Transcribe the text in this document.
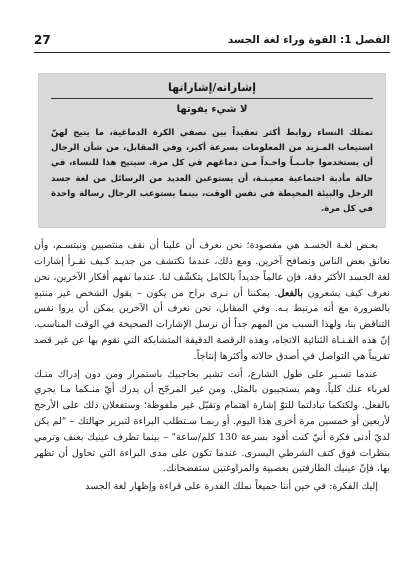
الفصل 1: القوة وراء لغة الجسد
27
إشاراته/إشاراتها
لا شيء يفوتها
تمتلك النساء روابط أكثر تعقيداً بين نصفي الكرة الدماغية، ما يتيح لهنّ استيعاب المـزيد من المعلومات بسرعة أكبر، وفي المقابل، من شأن الرجال أن يستخدموا جانـبـاً واحـداً مـن دماغهم في كل مرة. سيتيح هذا للنساء، في حالة مأدبة اجتماعية معيـنـة، أن يستوعبن العديد من الرسائل من لغة جسد الرجل والبيئة المحيطة في نفس الوقت، بينما يستوعب الرجال رسالة واحدة في كل مرة.

بعـض لغـة الجسـد هي مقصودة؛ نحن نعرف أن علينا أن نقف منتصبين ونبتسـم، وأن نعانق بعض الناس ونصافح آخرين. ومع ذلك، عندما نكتشف من جديـد كـيف نقـرأ إشارات لغة الجسد الأكثر دقة، فإن عالماً جديداً بالكامل يتكشّف لنا. عندما نفهم أفكار الآخرين، نحن نعرف كيف يشعرون بالفعل. يمكننا أن نـرى براح من يكون – يقول الشخص غير منتبهٍ بالضرورة مع أنه مرتبط بـه. وفي المقابل، نحن نعرف أن الآخرين يمكن أن يروا نفس التناقض بنا، ولهذا السبب من المهم جداً أن نرسل الإشارات الصحيحة في الوقت المناسب. إنّ هذه القـنـاة الثنائية الاتجاه، وهذه الرقصة الدقيقة المتشابكة التي نقوم بها عن غير قصد تقريباً هي التواصل في أصدق حالاته وأكثرها إنتاجاً.

عندما تسـير على طول الشارع، أنت تشير بحاجبيك باستمرار ومن دون إدراك منـك لغرباء عنك كلياً. وهم يستجيبون بالمثل. ومن غير المرجّح أن يدرك أيّ منـكما مـا يجري بالفعل. ولكنكما تبادلتما للتوّ إشارة اهتمام وتقبّل غير ملفوظة؛ وستفعلان ذلك على الأرجح لأربعين أو خمسين مرة أخرى هذا اليوم. أو ربمـا سـتطلب البراءة لتبرير جهالتك – "لم يكن لديّ أدنى فكرة أنيّ كنت أقود بسرعة 130 كلم/ساعة" – بينما تطرف عينيك بعنف وترمي بنظرات فوق كتف الشرطي اليسرى. عندما تكون على مدى البراءة التي تحاول أن تظهر بها، فإنّ عينيك الطارفتين بعصبية والمراوغتين ستفضحانك.

إليك الفكرة: في حين أننا جميعاً نملك القدرة على قراءة وإظهار لغة الجسد
